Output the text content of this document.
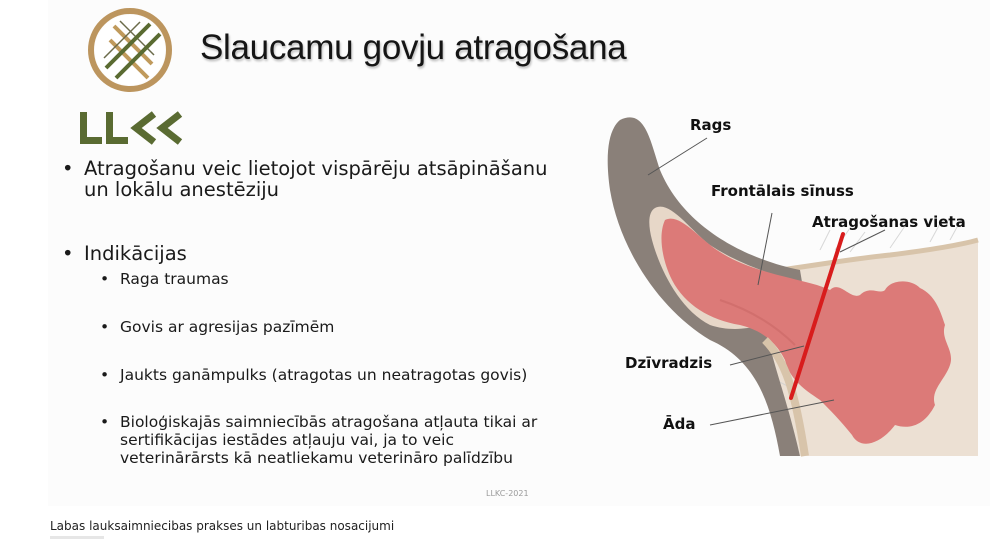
Slaucamu govju atragošana
• Atragošanu veic lietojot vispārēju atsāpināšanu
un lokālu anestēziju
• Indikācijas
• Raga traumas
• Govis ar agresijas pazīmēm
• Jaukts ganāmpulks (atragotas un neatragotas govis)
• Bioloģiskajās saimniecībās atragošana atļauta tikai ar
sertifikācijas iestādes atļauju vai, ja to veic
veterinārārsts kā neatliekamu veterināro palīdzību
LLKC-2021
Rags
Frontālais sīnuss
Atragošanas vieta
Dzīvradzis
Āda
Labas lauksaimniecibas prakses un labturibas nosacijumi
